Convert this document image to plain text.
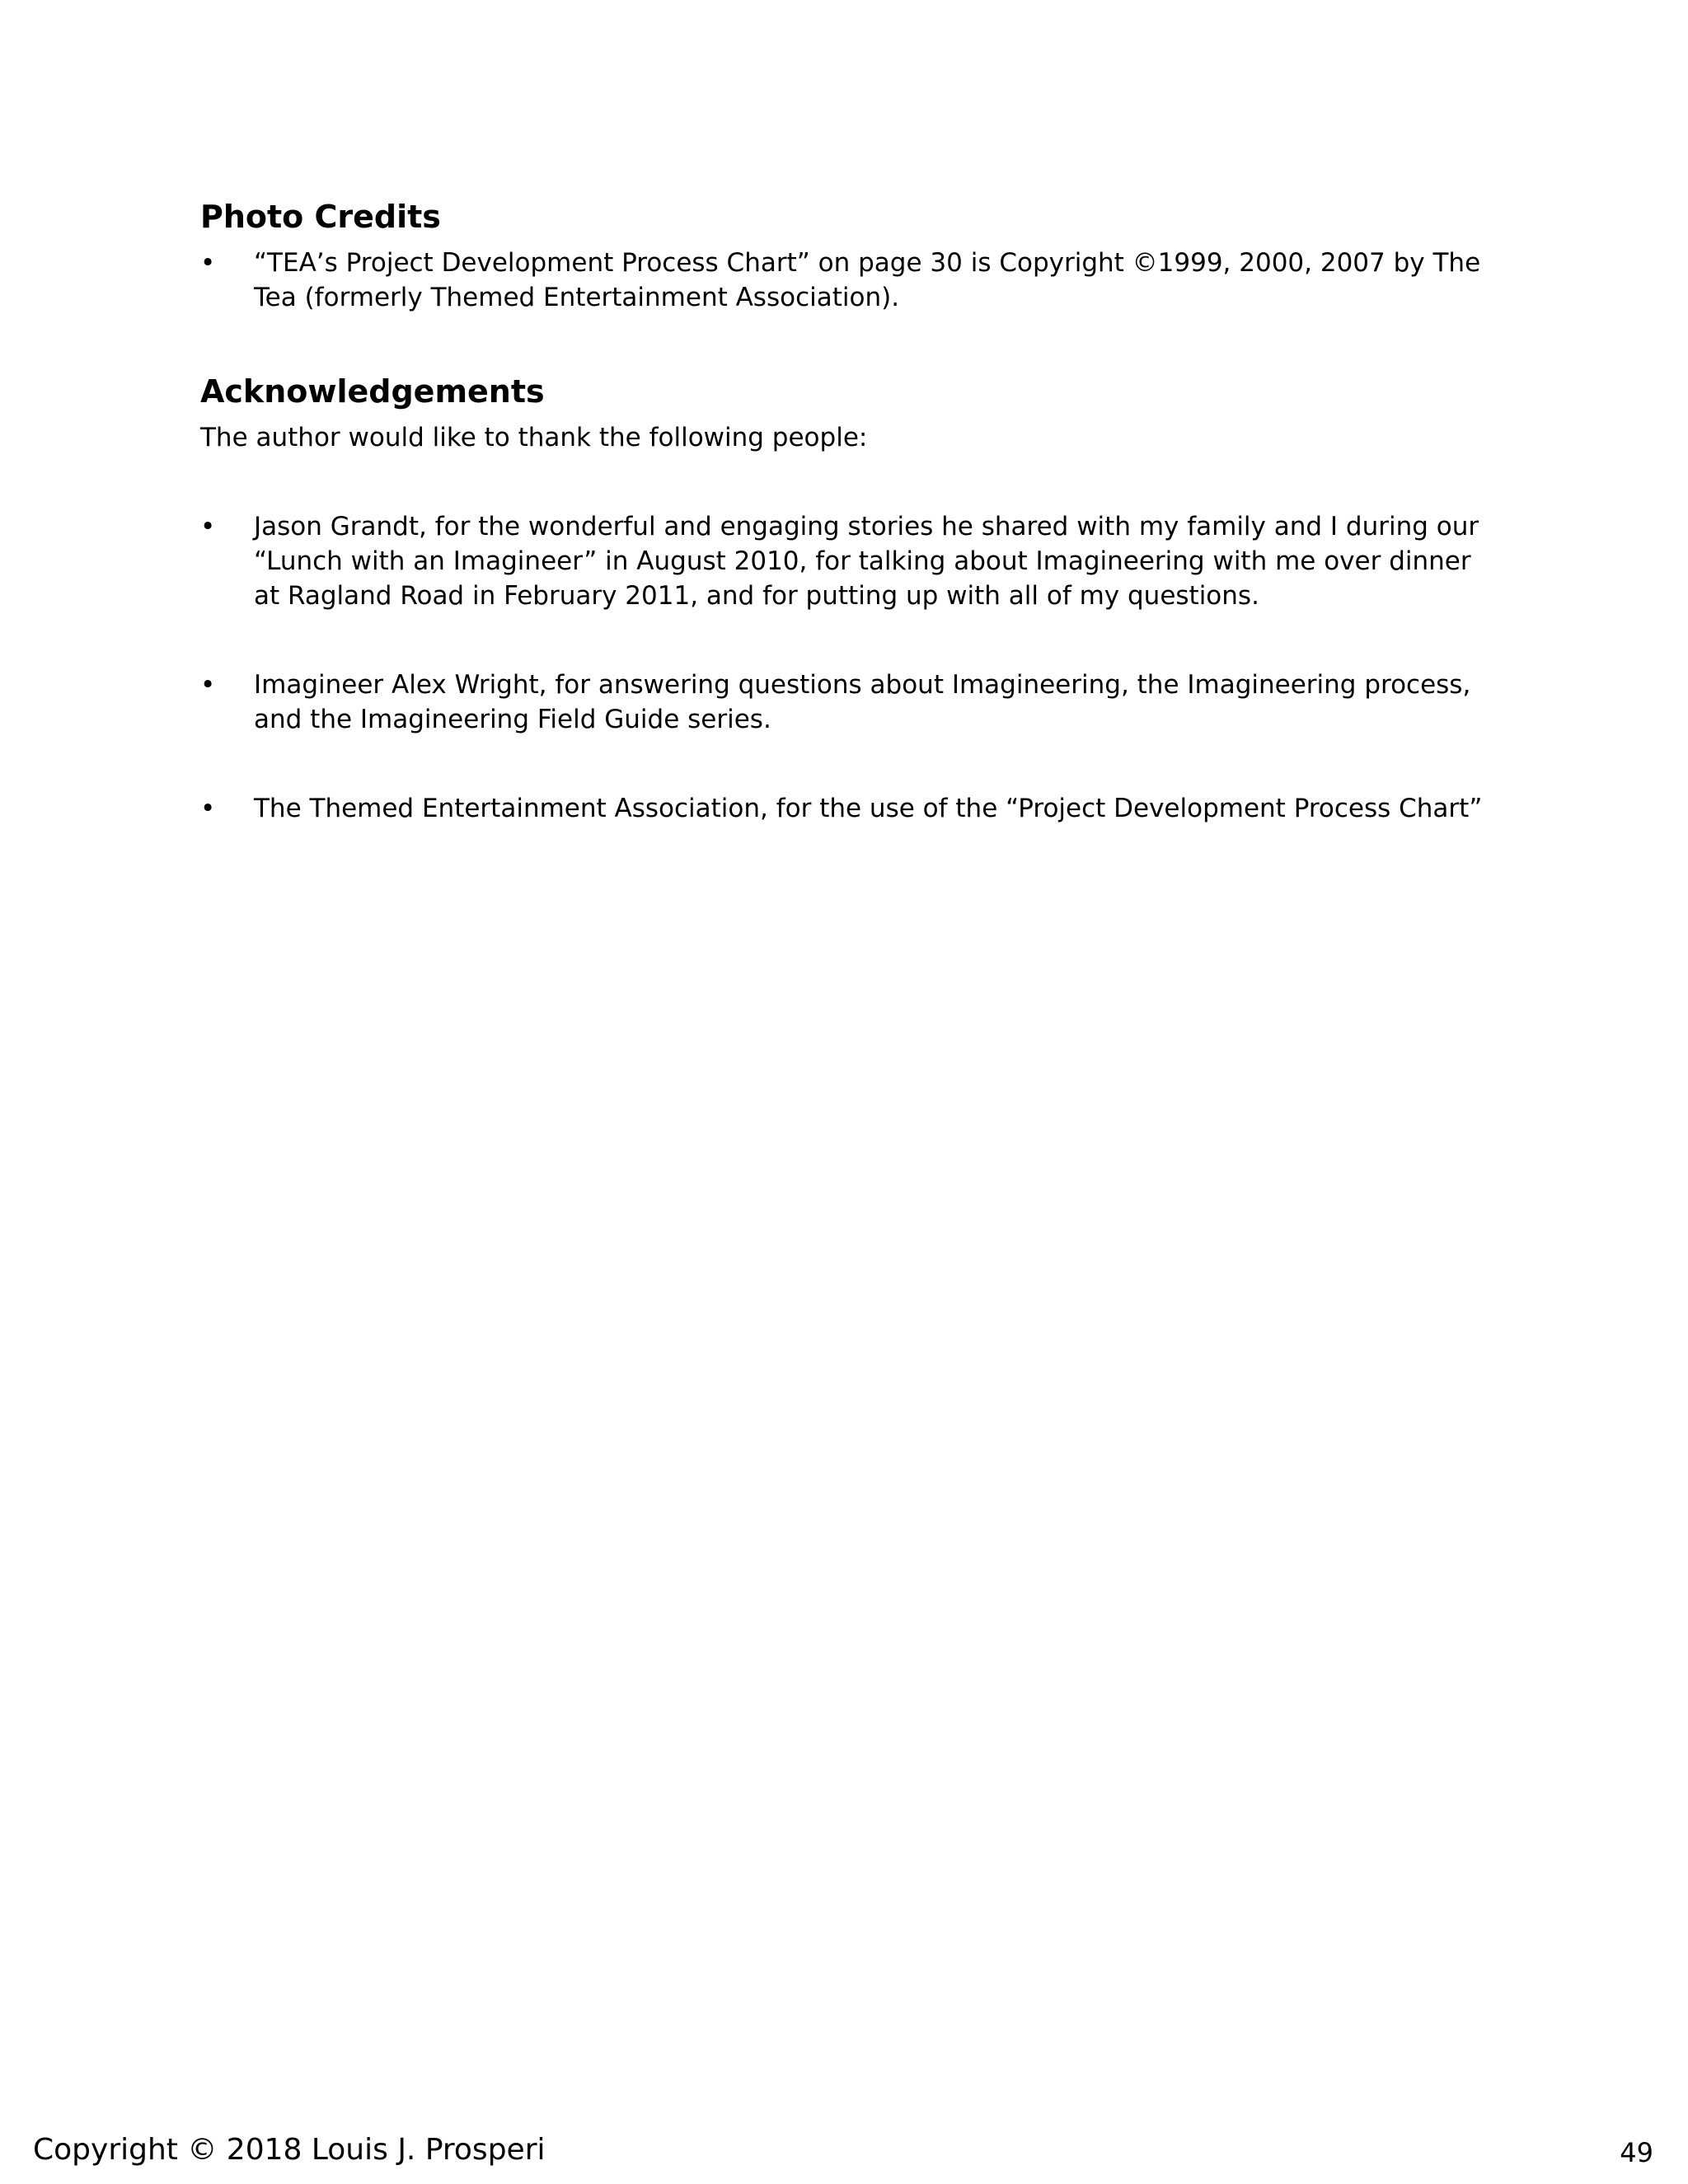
Photo Credits
•	“TEA’s Project Development Process Chart” on page 30 is Copyright ©1999, 2000, 2007 by The Tea (formerly Themed Entertainment Association).
Acknowledgements

The author would like to thank the following people:

•	Jason Grandt, for the wonderful and engaging stories he shared with my family and I during our “Lunch with an Imagineer” in August 2010, for talking about Imagineering with me over dinner at Ragland Road in February 2011, and for putting up with all of my questions.
•	Imagineer Alex Wright, for answering questions about Imagineering, the Imagineering process, and the Imagineering Field Guide series.
•	The Themed Entertainment Association, for the use of the “Project Development Process Chart”
Copyright © 2018 Louis J. Prosperi	49
